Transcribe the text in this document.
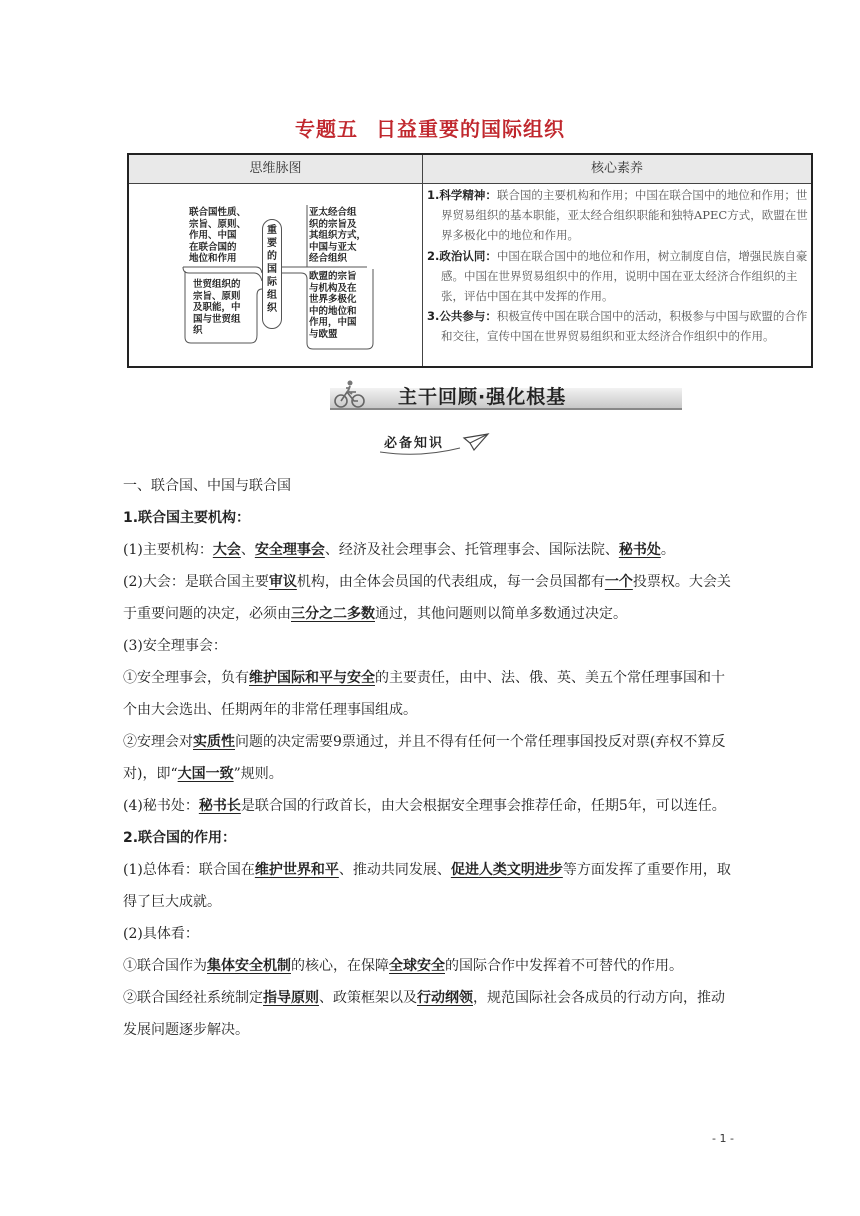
专题五 日益重要的国际组织
思维脉图	核心素养
联合国性质、
宗旨、原则、
作用、中国
在联合国的
地位和作用
世贸组织的
宗旨、原则
及职能，中
国与世贸组
织
重
要
的
国
际
组
织
亚太经合组
织的宗旨及
其组织方式，
中国与亚太
经合组织
欧盟的宗旨
与机构及在
世界多极化
中的地位和
作用，中国
与欧盟
1.科学精神：联合国的主要机构和作用；中国在联合国中的地位和作用；世界贸易组织的基本职能，亚太经合组织职能和独特APEC方式，欧盟在世界多极化中的地位和作用。
2.政治认同：中国在联合国中的地位和作用，树立制度自信，增强民族自豪感。中国在世界贸易组织中的作用，说明中国在亚太经济合作组织的主张，评估中国在其中发挥的作用。
3.公共参与：积极宣传中国在联合国中的活动，积极参与中国与欧盟的合作和交往，宣传中国在世界贸易组织和亚太经济合作组织中的作用。
主干回顾·强化根基
必备知识

一、联合国、中国与联合国

1.联合国主要机构：

(1)主要机构：大会、安全理事会、经济及社会理事会、托管理事会、国际法院、秘书处。

(2)大会：是联合国主要审议机构，由全体会员国的代表组成，每一会员国都有一个投票权。大会关于重要问题的决定，必须由三分之二多数通过，其他问题则以简单多数通过决定。

(3)安全理事会：

①安全理事会，负有维护国际和平与安全的主要责任，由中、法、俄、英、美五个常任理事国和十个由大会选出、任期两年的非常任理事国组成。

②安理会对实质性问题的决定需要9票通过，并且不得有任何一个常任理事国投反对票(弃权不算反对)，即“大国一致”规则。

(4)秘书处：秘书长是联合国的行政首长，由大会根据安全理事会推荐任命，任期5年，可以连任。

2.联合国的作用：

(1)总体看：联合国在维护世界和平、推动共同发展、促进人类文明进步等方面发挥了重要作用，取得了巨大成就。

(2)具体看：

①联合国作为集体安全机制的核心，在保障全球安全的国际合作中发挥着不可替代的作用。

②联合国经社系统制定指导原则、政策框架以及行动纲领，规范国际社会各成员的行动方向，推动发展问题逐步解决。

- 1 -
